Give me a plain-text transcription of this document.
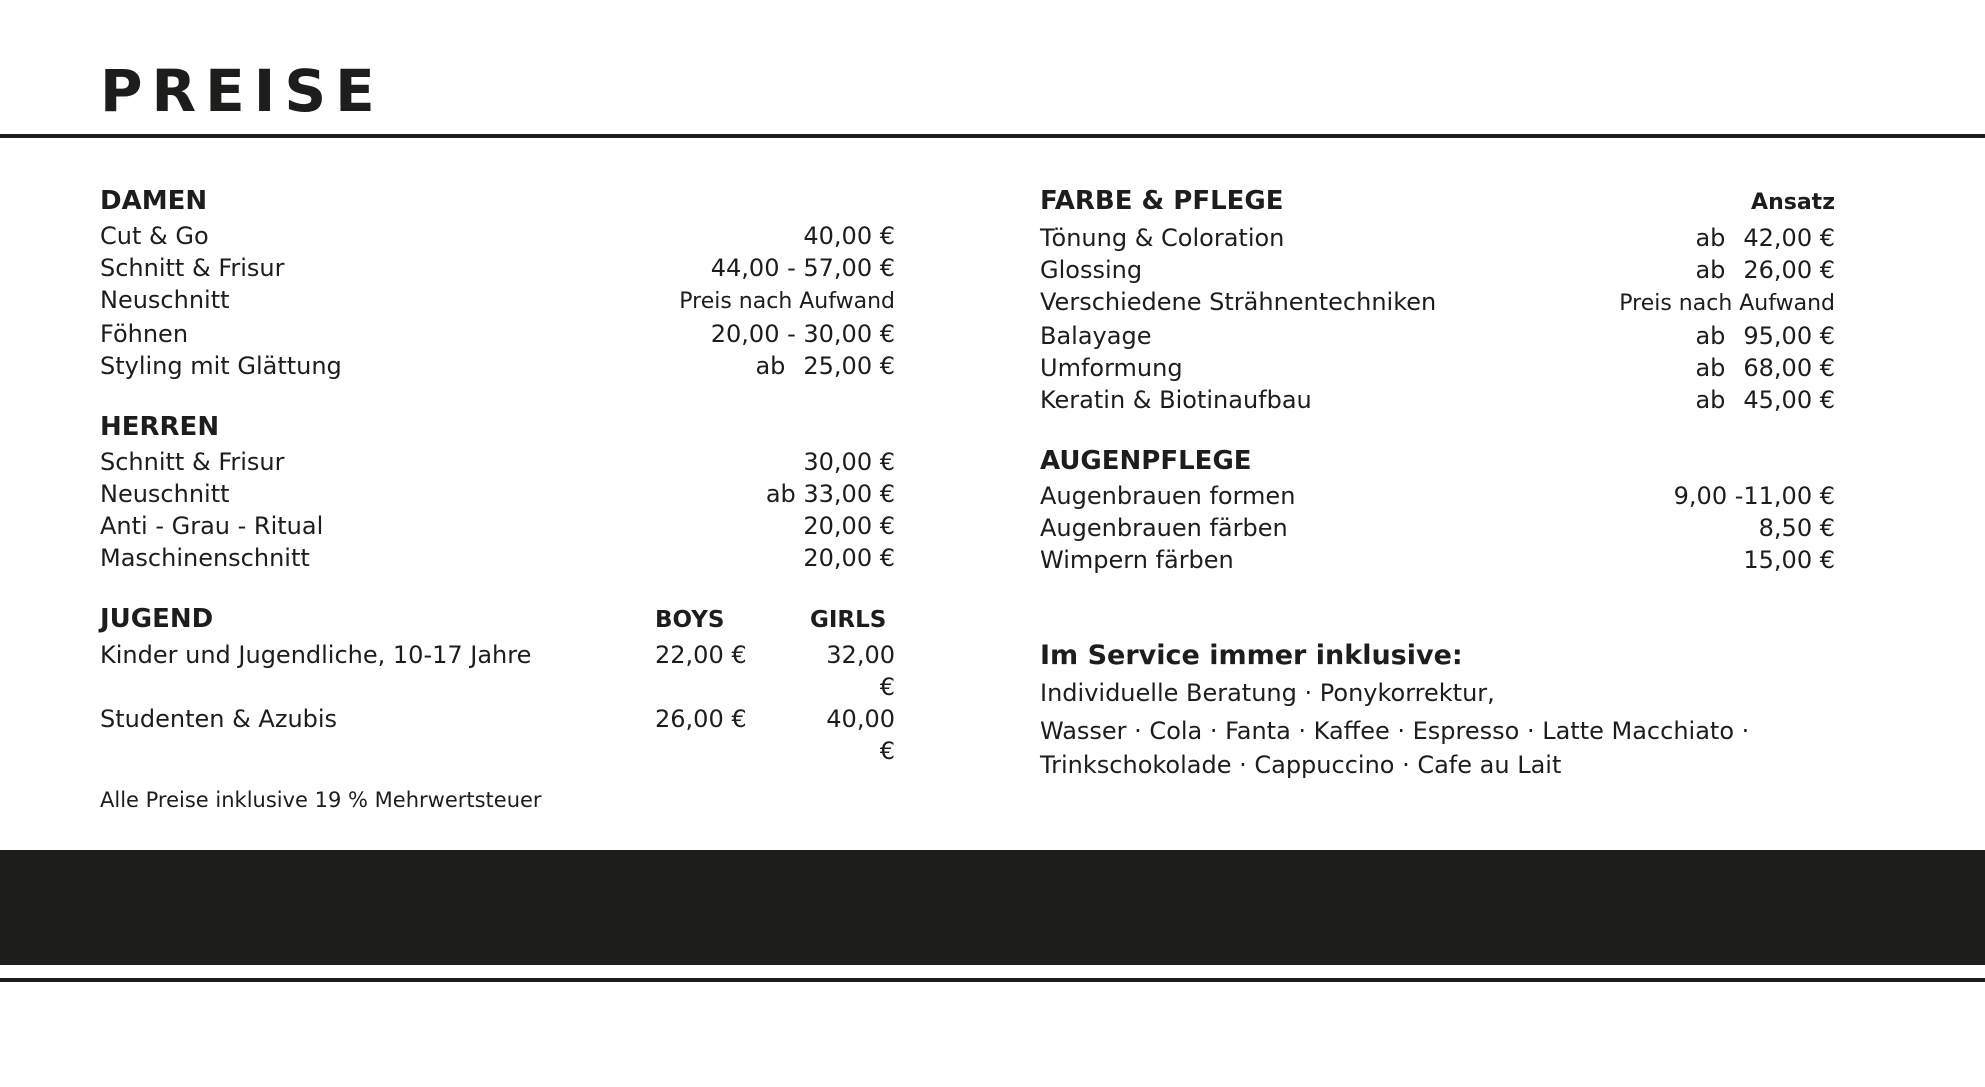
PREISE
DAMEN
Cut & Go	40,00 €
Schnitt & Frisur	44,00 - 57,00 €
Neuschnitt	Preis nach Aufwand
Föhnen	20,00 - 30,00 €
Styling mit Glättung	ab 25,00 €
HERREN
Schnitt & Frisur	30,00 €
Neuschnitt	ab 33,00 €
Anti - Grau - Ritual	20,00 €
Maschinenschnitt	20,00 €
JUGEND	BOYS	GIRLS
Kinder und Jugendliche, 10-17 Jahre	22,00 €	32,00 €
Studenten & Azubis	26,00 €	40,00 €
Alle Preise inklusive 19 % Mehrwertsteuer
FARBE & PFLEGE	Ansatz
Tönung & Coloration	ab 42,00 €
Glossing	ab 26,00 €
Verschiedene Strähnentechniken	Preis nach Aufwand
Balayage	ab 95,00 €
Umformung	ab 68,00 €
Keratin & Biotinaufbau	ab 45,00 €
AUGENPFLEGE
Augenbrauen formen	9,00 -11,00 €
Augenbrauen färben	8,50 €
Wimpern färben	15,00 €
Im Service immer inklusive:
Individuelle Beratung · Ponykorrektur,
Wasser · Cola · Fanta · Kaffee · Espresso · Latte Macchiato ·
Trinkschokolade · Cappuccino · Cafe au Lait
